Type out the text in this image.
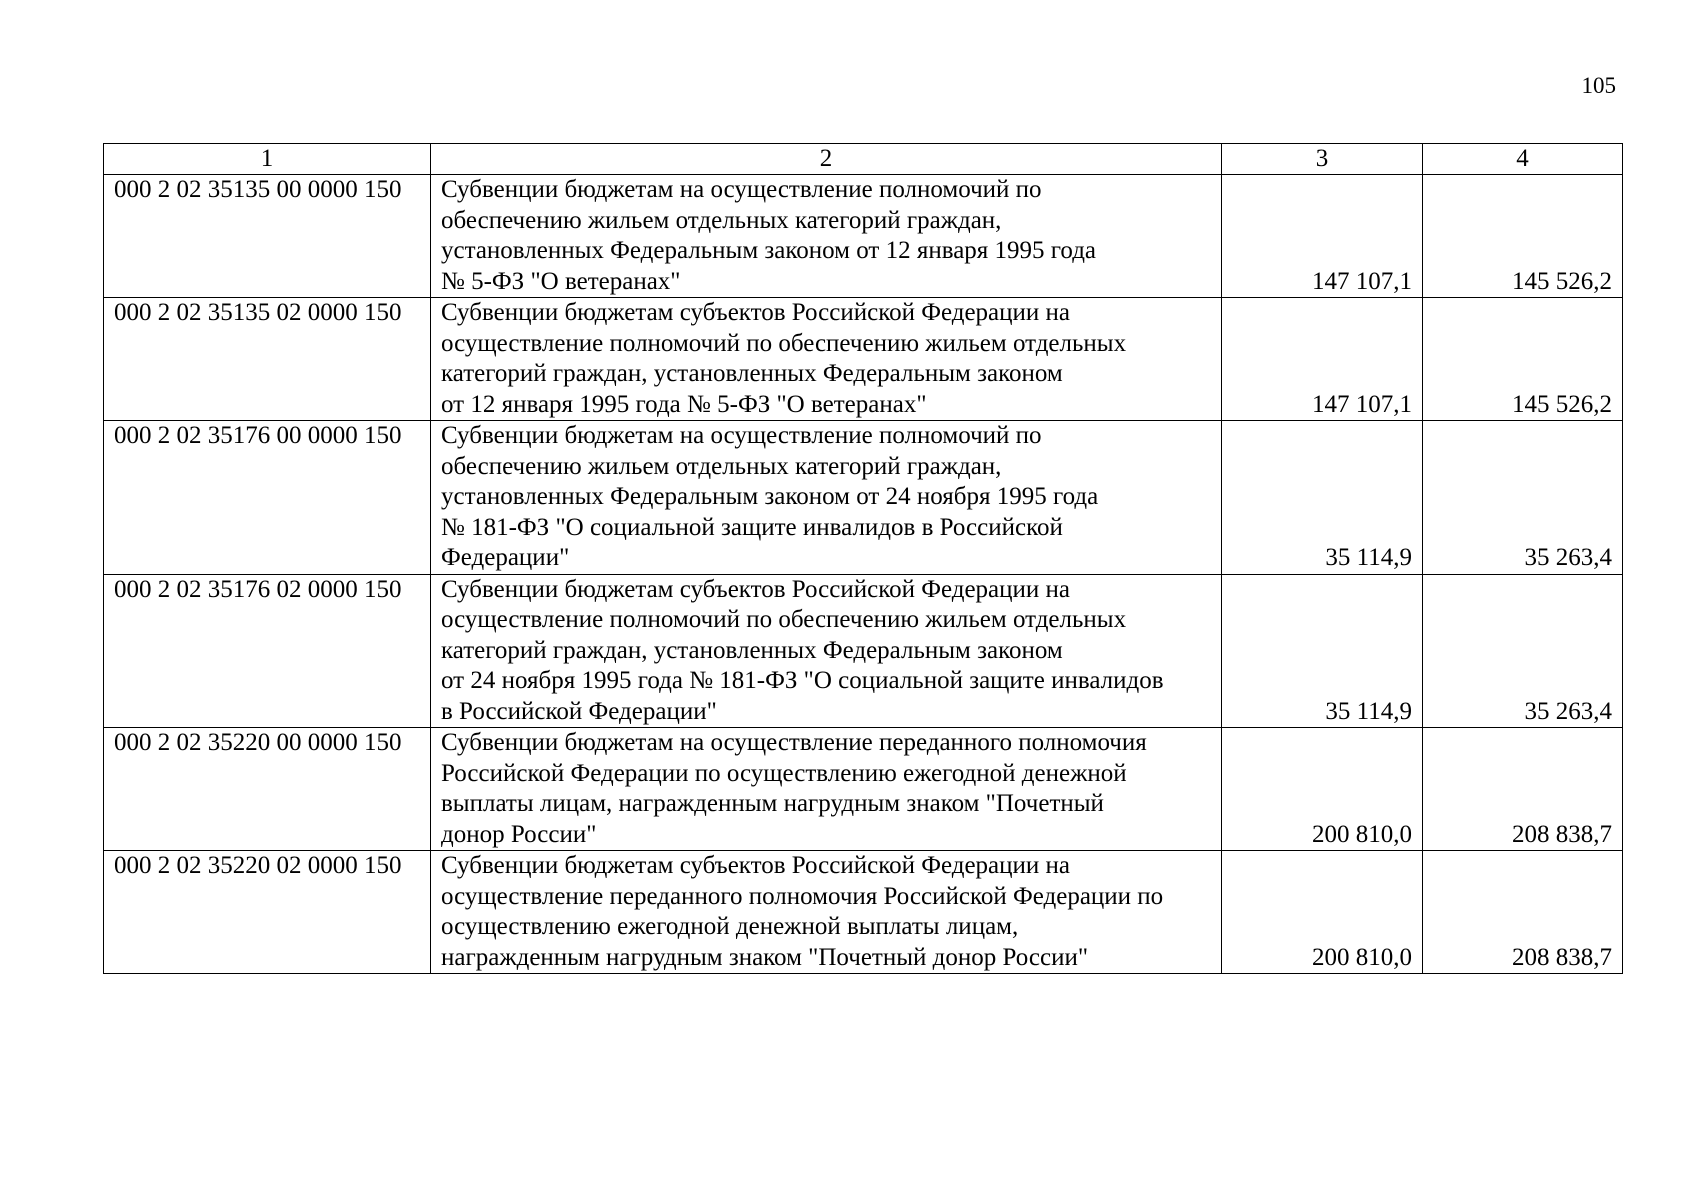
105
1	2	3	4
000 2 02 35135 00 0000 150	Субвенции бюджетам на осуществление полномочий по
обеспечению жильем отдельных категорий граждан,
установленных Федеральным законом от 12 января 1995 года
№ 5-ФЗ "О ветеранах"	147 107,1	145 526,2
000 2 02 35135 02 0000 150	Субвенции бюджетам субъектов Российской Федерации на
осуществление полномочий по обеспечению жильем отдельных
категорий граждан, установленных Федеральным законом
от 12 января 1995 года № 5-ФЗ "О ветеранах"	147 107,1	145 526,2
000 2 02 35176 00 0000 150	Субвенции бюджетам на осуществление полномочий по
обеспечению жильем отдельных категорий граждан,
установленных Федеральным законом от 24 ноября 1995 года
№ 181-ФЗ "О социальной защите инвалидов в Российской
Федерации"	35 114,9	35 263,4
000 2 02 35176 02 0000 150	Субвенции бюджетам субъектов Российской Федерации на
осуществление полномочий по обеспечению жильем отдельных
категорий граждан, установленных Федеральным законом
от 24 ноября 1995 года № 181-ФЗ "О социальной защите инвалидов
в Российской Федерации"	35 114,9	35 263,4
000 2 02 35220 00 0000 150	Субвенции бюджетам на осуществление переданного полномочия
Российской Федерации по осуществлению ежегодной денежной
выплаты лицам, награжденным нагрудным знаком "Почетный
донор России"	200 810,0	208 838,7
000 2 02 35220 02 0000 150	Субвенции бюджетам субъектов Российской Федерации на
осуществление переданного полномочия Российской Федерации по
осуществлению ежегодной денежной выплаты лицам,
награжденным нагрудным знаком "Почетный донор России"	200 810,0	208 838,7
